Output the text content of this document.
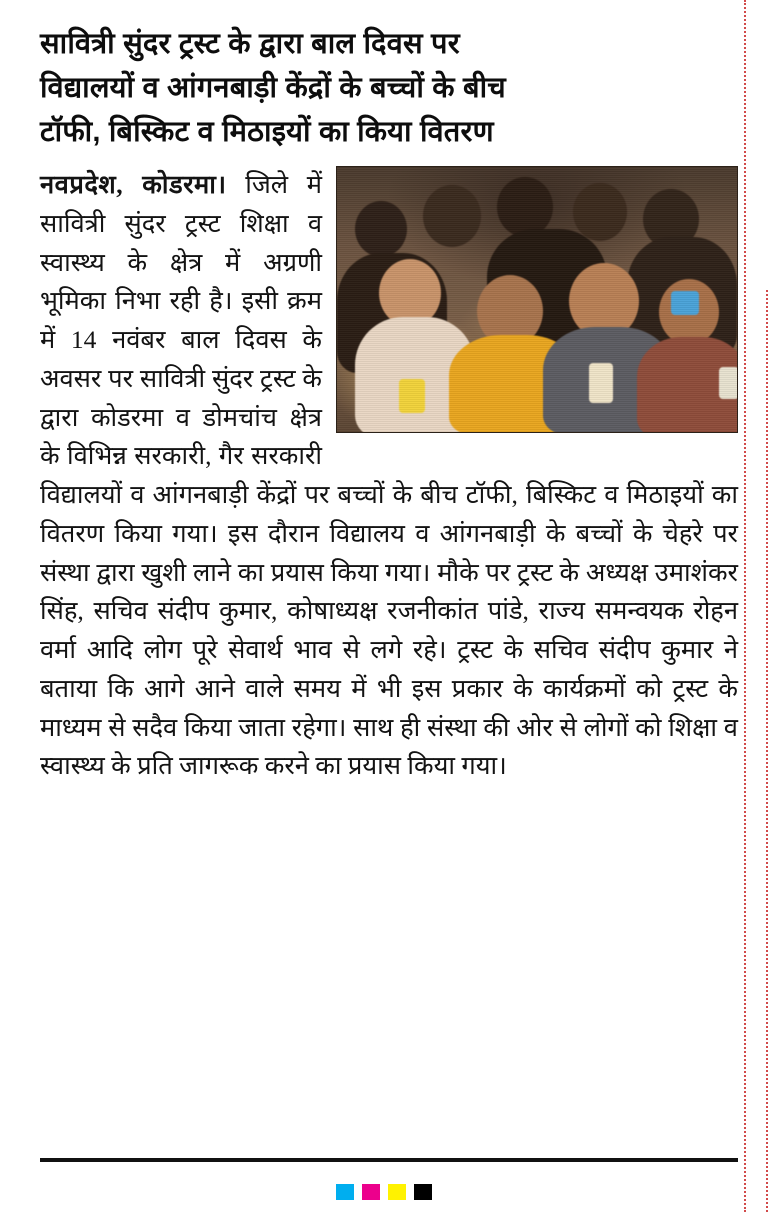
सावित्री सुंदर ट्रस्ट के द्वारा बाल दिवस पर
विद्यालयों व आंगनबाड़ी केंद्रों के बच्चों के बीच
टॉफी, बिस्किट व मिठाइयों का किया वितरण

नवप्रदेश, कोडरमा। जिले में सावित्री सुंदर ट्रस्ट शिक्षा व स्वास्थ्य के क्षेत्र में अग्रणी भूमिका निभा रही है। इसी क्रम में 14 नवंबर बाल दिवस के अवसर पर सावित्री सुंदर ट्रस्ट के द्वारा कोडरमा व डोमचांच क्षेत्र के विभिन्न सरकारी, गैर सरकारी विद्यालयों व आंगनबाड़ी केंद्रों पर बच्चों के बीच टॉफी, बिस्किट व मिठाइयों का वितरण किया गया। इस दौरान विद्यालय व आंगनबाड़ी के बच्चों के चेहरे पर संस्था द्वारा खुशी लाने का प्रयास किया गया। मौके पर ट्रस्ट के अध्यक्ष उमाशंकर सिंह, सचिव संदीप कुमार, कोषाध्यक्ष रजनीकांत पांडे, राज्य समन्वयक रोहन वर्मा आदि लोग पूरे सेवार्थ भाव से लगे रहे। ट्रस्ट के सचिव संदीप कुमार ने बताया कि आगे आने वाले समय में भी इस प्रकार के कार्यक्रमों को ट्रस्ट के माध्यम से सदैव किया जाता रहेगा। साथ ही संस्था की ओर से लोगों को शिक्षा व स्वास्थ्य के प्रति जागरूक करने का प्रयास किया गया।
